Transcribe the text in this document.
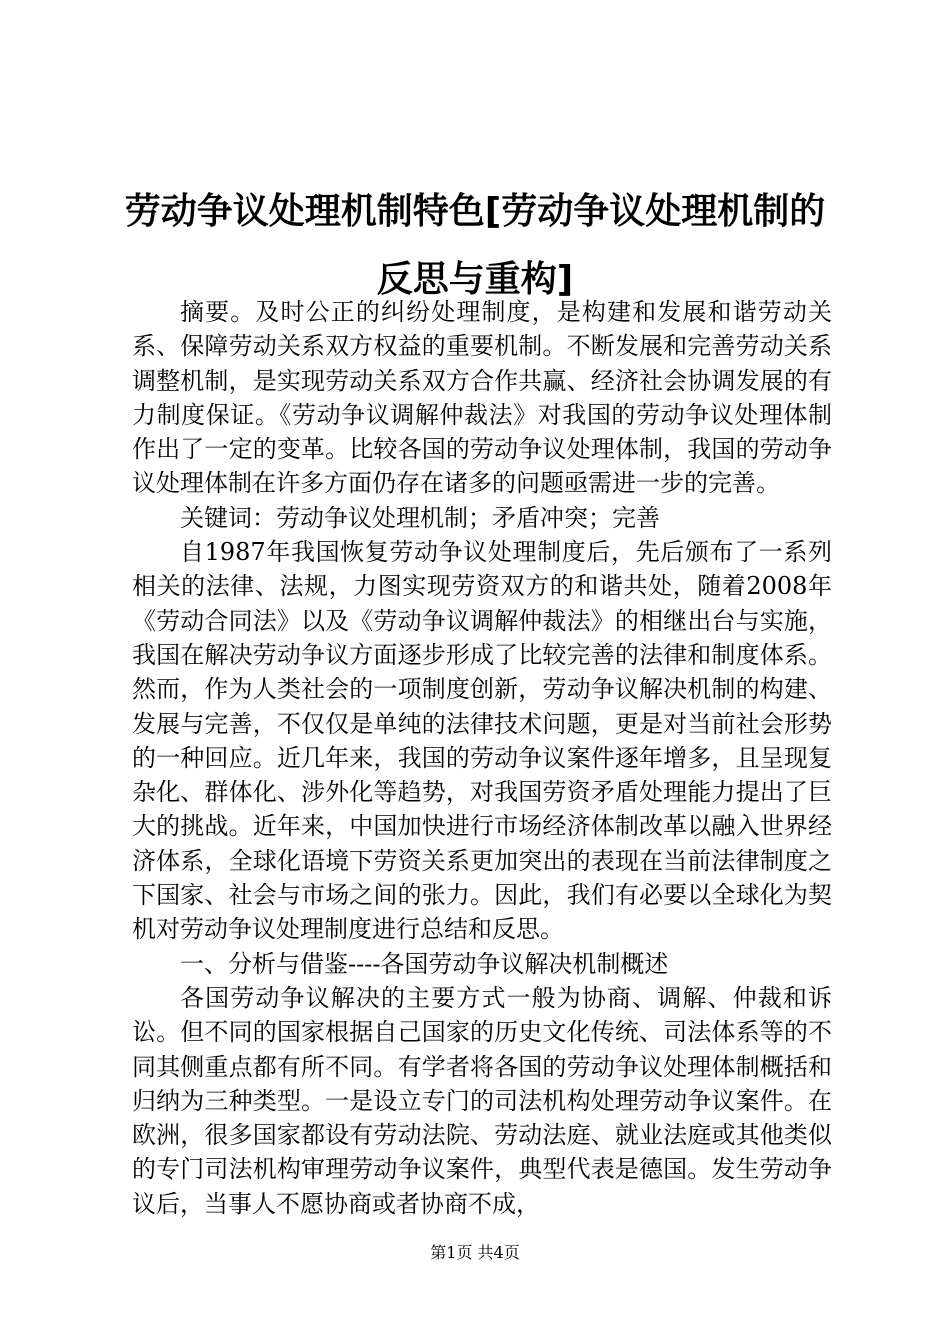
劳动争议处理机制特色[劳动争议处理机制的
反思与重构]

摘要。及时公正的纠纷处理制度，是构建和发展和谐劳动关系、保障劳动关系双方权益的重要机制。不断发展和完善劳动关系调整机制，是实现劳动关系双方合作共赢、经济社会协调发展的有力制度保证。《劳动争议调解仲裁法》对我国的劳动争议处理体制作出了一定的变革。比较各国的劳动争议处理体制，我国的劳动争议处理体制在许多方面仍存在诸多的问题亟需进一步的完善。

关键词：劳动争议处理机制；矛盾冲突；完善

自1987年我国恢复劳动争议处理制度后，先后颁布了一系列相关的法律、法规，力图实现劳资双方的和谐共处，随着2008年《劳动合同法》以及《劳动争议调解仲裁法》的相继出台与实施，我国在解决劳动争议方面逐步形成了比较完善的法律和制度体系。然而，作为人类社会的一项制度创新，劳动争议解决机制的构建、发展与完善，不仅仅是单纯的法律技术问题，更是对当前社会形势的一种回应。近几年来，我国的劳动争议案件逐年增多，且呈现复杂化、群体化、涉外化等趋势，对我国劳资矛盾处理能力提出了巨大的挑战。近年来，中国加快进行市场经济体制改革以融入世界经济体系，全球化语境下劳资关系更加突出的表现在当前法律制度之下国家、社会与市场之间的张力。因此，我们有必要以全球化为契机对劳动争议处理制度进行总结和反思。

一、分析与借鉴----各国劳动争议解决机制概述

各国劳动争议解决的主要方式一般为协商、调解、仲裁和诉讼。但不同的国家根据自己国家的历史文化传统、司法体系等的不同其侧重点都有所不同。有学者将各国的劳动争议处理体制概括和归纳为三种类型。一是设立专门的司法机构处理劳动争议案件。在欧洲，很多国家都设有劳动法院、劳动法庭、就业法庭或其他类似的专门司法机构审理劳动争议案件，典型代表是德国。发生劳动争议后，当事人不愿协商或者协商不成，

第1页 共4页
